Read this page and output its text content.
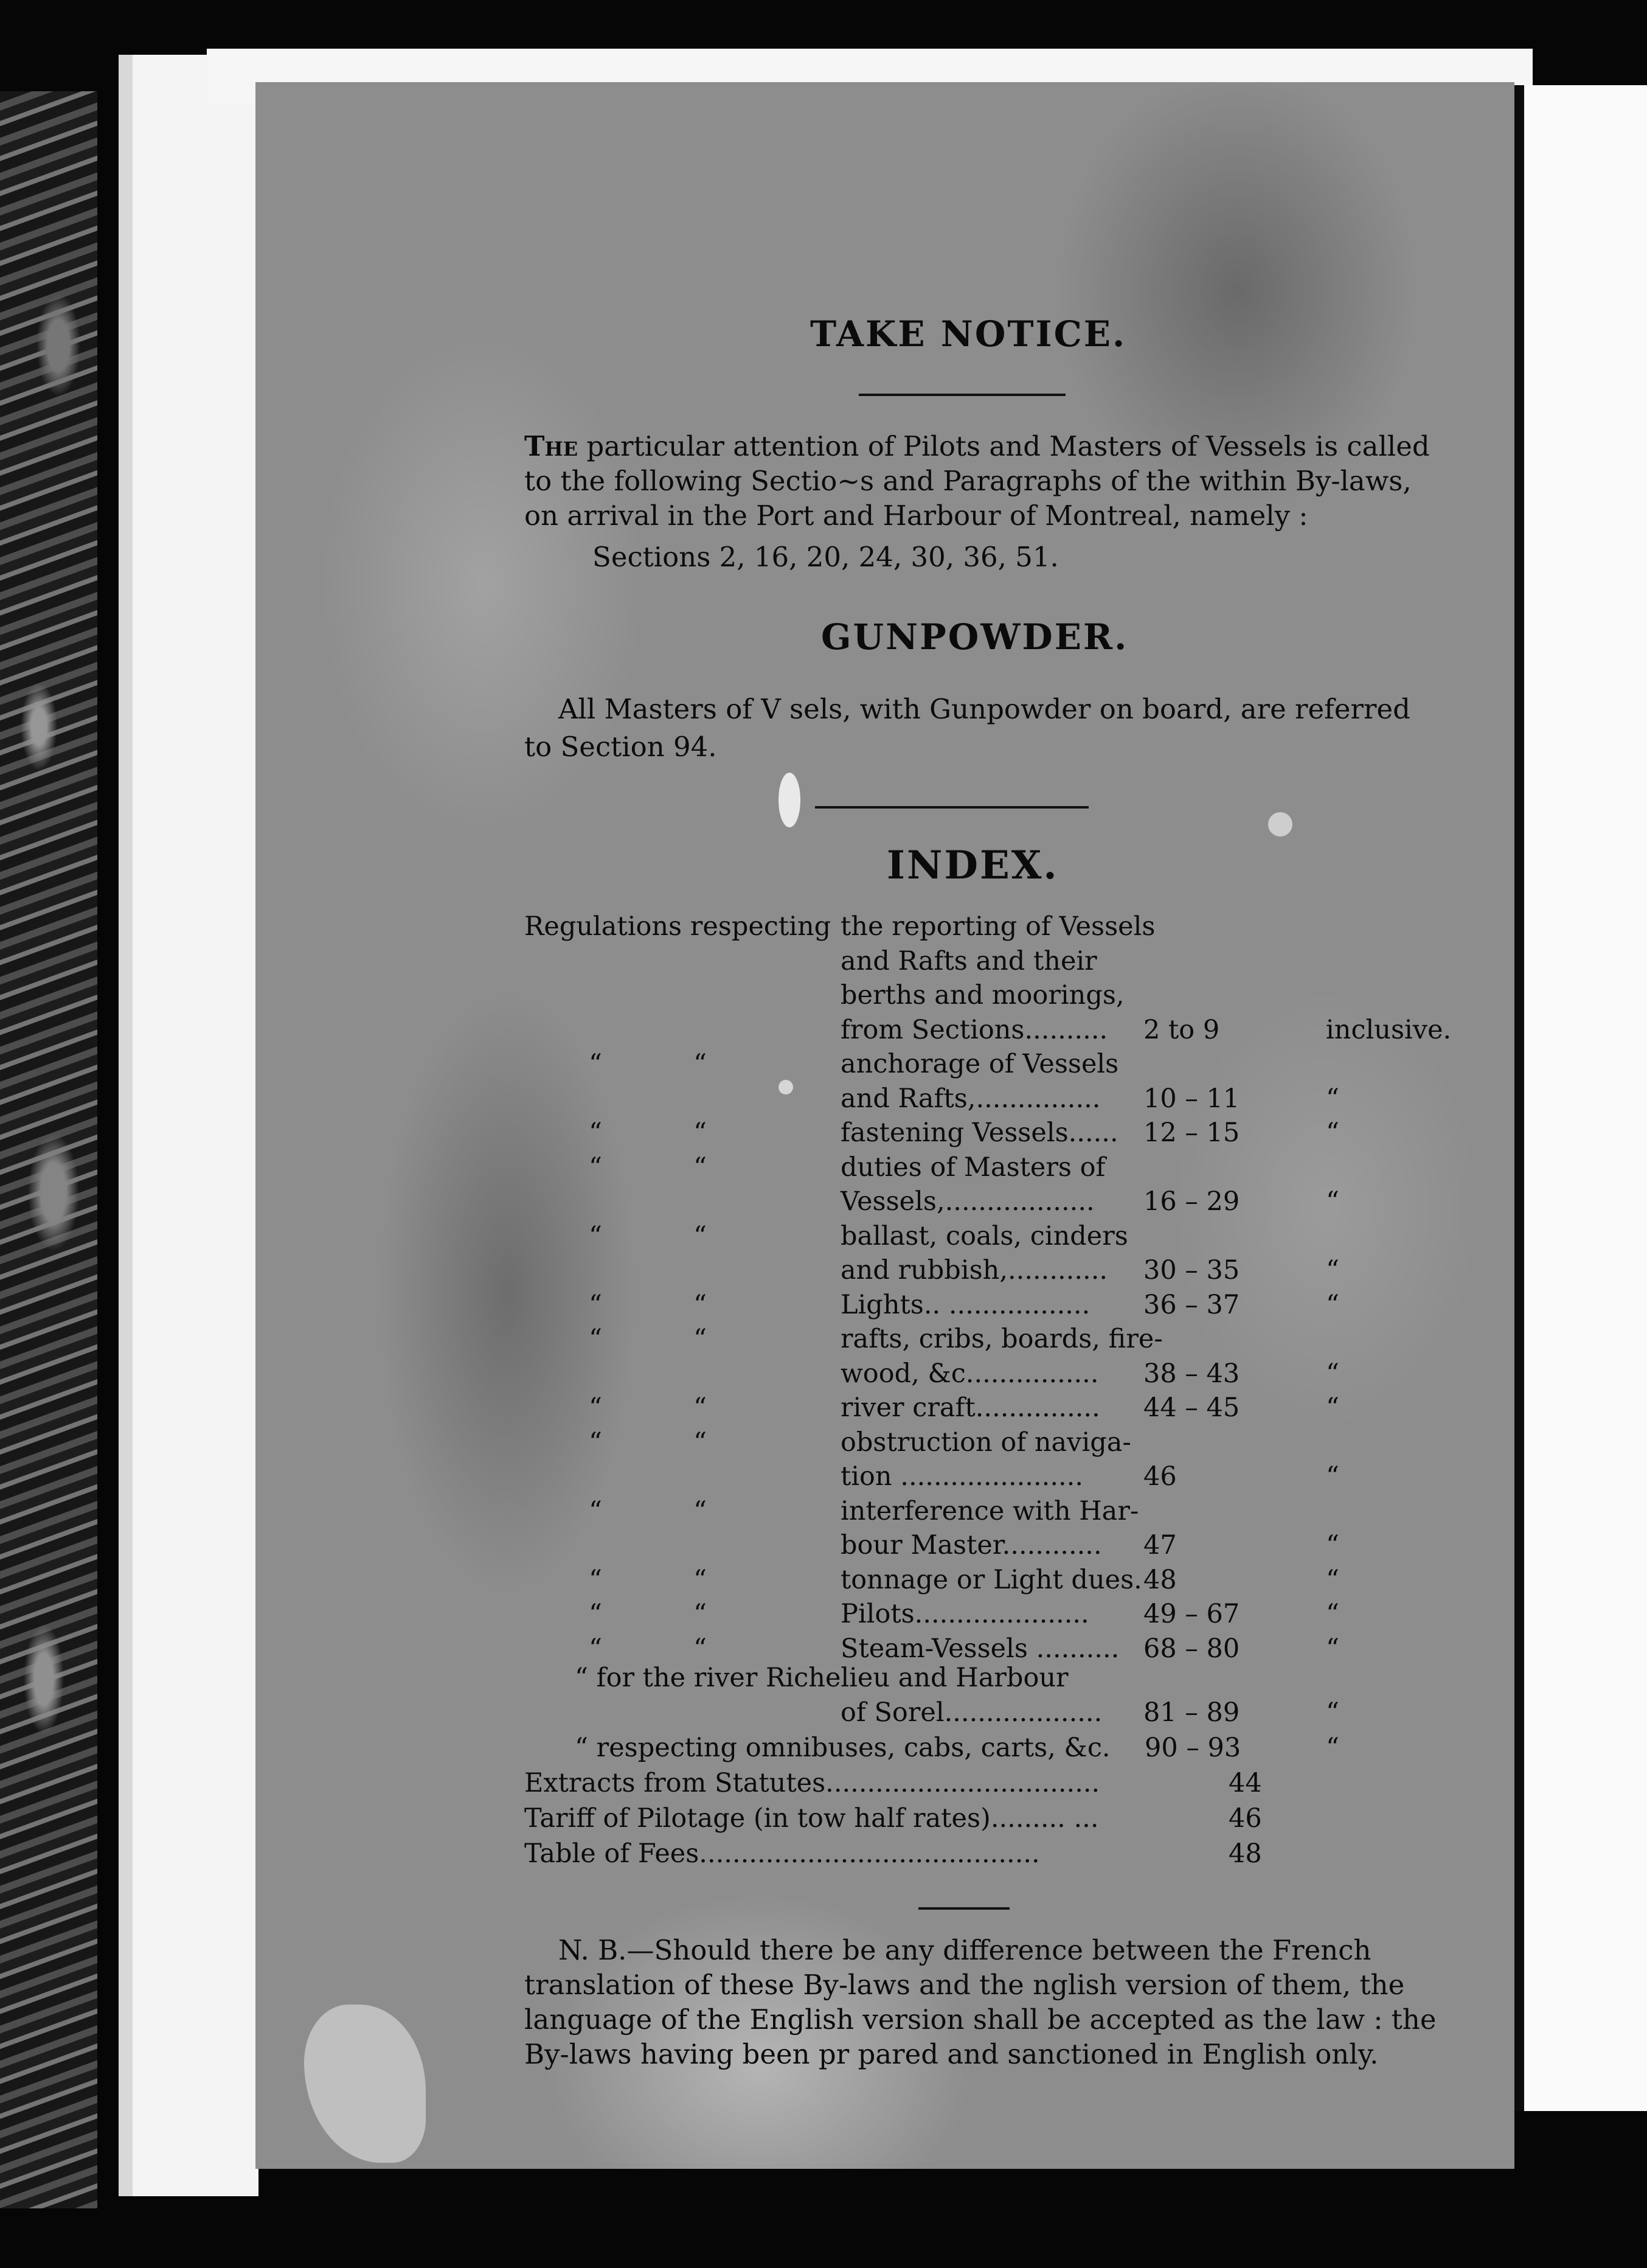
TAKE NOTICE.
The particular attention of Pilots and Masters of Vessels is called
to the following Sectio~s and Paragraphs of the within By-laws,
on arrival in the Port and Harbour of Montreal, namely :
Sections 2, 16, 20, 24, 30, 36, 51.
GUNPOWDER.
All Masters of V sels, with Gunpowder on board, are referred
to Section 94.
INDEX.
Regulations respecting the reporting of Vessels
and Rafts and their
berths and moorings,
from Sections.......... 2 to 9	inclusive.
“	“	anchorage of Vessels
and Rafts,............... 10 – 11	“
“	“	fastening Vessels...... 12 – 15	“
“	“	duties of Masters of
Vessels,.................. 16 – 29	“
“	“	ballast, coals, cinders
and rubbish,............ 30 – 35	“
“	“	Lights.. ................. 36 – 37	“
“	“	rafts, cribs, boards, fire-
wood, &c................ 38 – 43	“
“	“	river craft............... 44 – 45	“
“	“	obstruction of naviga-
tion ...................... 46	“
“	“	interference with Har-
bour Master............ 47	“
“	“	tonnage or Light dues. 48	“
“	“	Pilots..................... 49 – 67	“
“	“	Steam-Vessels .......... 68 – 80	“
“ for the river Richelieu and Harbour
of Sorel................... 81 – 89	“
“ respecting omnibuses, cabs, carts, &c. 90 – 93	“
Extracts from Statutes.................................	44
Tariff of Pilotage (in tow half rates)......... ...	46
Table of Fees.........................................	48
N. B.—Should there be any difference between the French
translation of these By-laws and the nglish version of them, the
language of the English version shall be accepted as the law : the
By-laws having been pr pared and sanctioned in English only.
